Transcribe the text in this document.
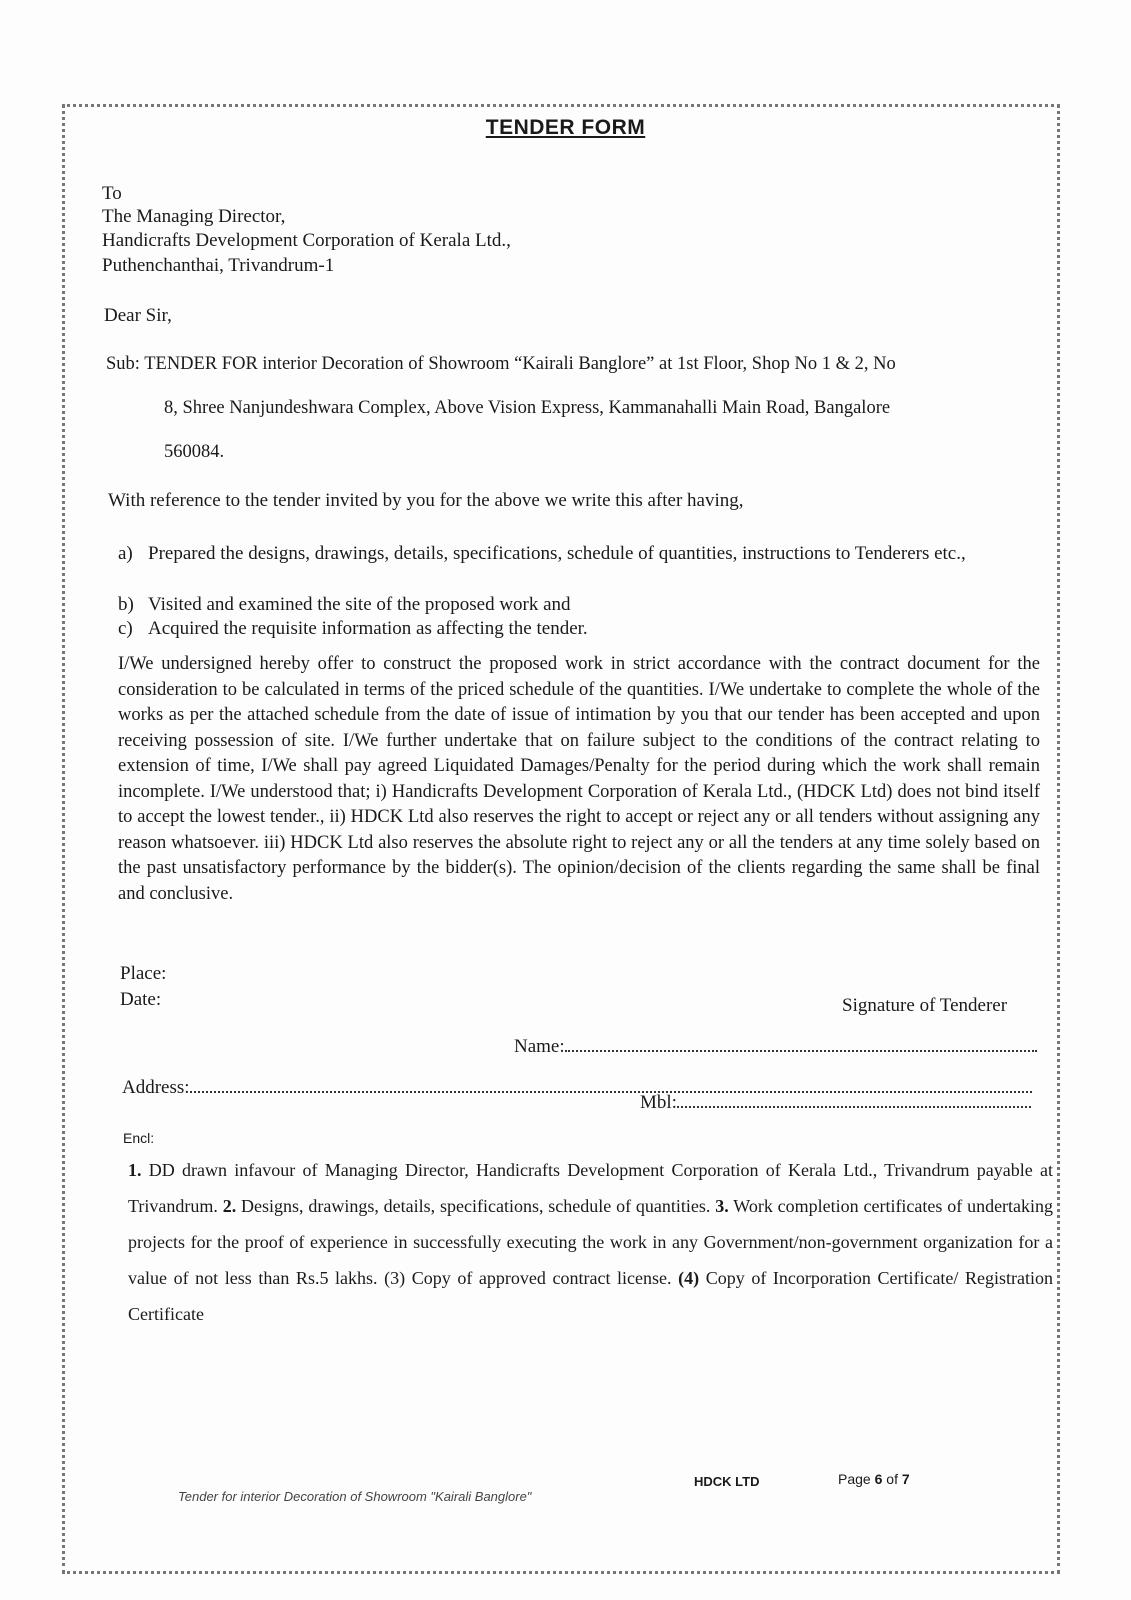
TENDER FORM
To
The Managing Director,
Handicrafts Development Corporation of Kerala Ltd.,
Puthenchanthai, Trivandrum-1
Dear Sir,
Sub: TENDER FOR interior Decoration of Showroom “Kairali Banglore” at 1st Floor, Shop No 1 & 2, No
8, Shree Nanjundeshwara Complex, Above Vision Express, Kammanahalli Main Road, Bangalore
560084.
With reference to the tender invited by you for the above we write this after having,
a) Prepared the designs, drawings, details, specifications, schedule of quantities, instructions to Tenderers etc.,
b) Visited and examined the site of the proposed work and
c) Acquired the requisite information as affecting the tender.
I/We undersigned hereby offer to construct the proposed work in strict accordance with the contract document for the consideration to be calculated in terms of the priced schedule of the quantities. I/We undertake to complete the whole of the works as per the attached schedule from the date of issue of intimation by you that our tender has been accepted and upon receiving possession of site. I/We further undertake that on failure subject to the conditions of the contract relating to extension of time, I/We shall pay agreed Liquidated Damages/Penalty for the period during which the work shall remain incomplete. I/We understood that; i) Handicrafts Development Corporation of Kerala Ltd., (HDCK Ltd) does not bind itself to accept the lowest tender., ii) HDCK Ltd also reserves the right to accept or reject any or all tenders without assigning any reason whatsoever. iii) HDCK Ltd also reserves the absolute right to reject any or all the tenders at any time solely based on the past unsatisfactory performance by the bidder(s). The opinion/decision of the clients regarding the same shall be final and conclusive.
Place:
Date:	Signature of Tenderer
Name:
Address:
Mbl:
Encl:
1. DD drawn infavour of Managing Director, Handicrafts Development Corporation of Kerala Ltd., Trivandrum payable at Trivandrum. 2. Designs, drawings, details, specifications, schedule of quantities. 3. Work completion certificates of undertaking projects for the proof of experience in successfully executing the work in any Government/non-government organization for a value of not less than Rs.5 lakhs. (3) Copy of approved contract license. (4) Copy of Incorporation Certificate/ Registration Certificate
Tender for interior Decoration of Showroom "Kairali Banglore"
HDCK LTD	Page 6 of 7
